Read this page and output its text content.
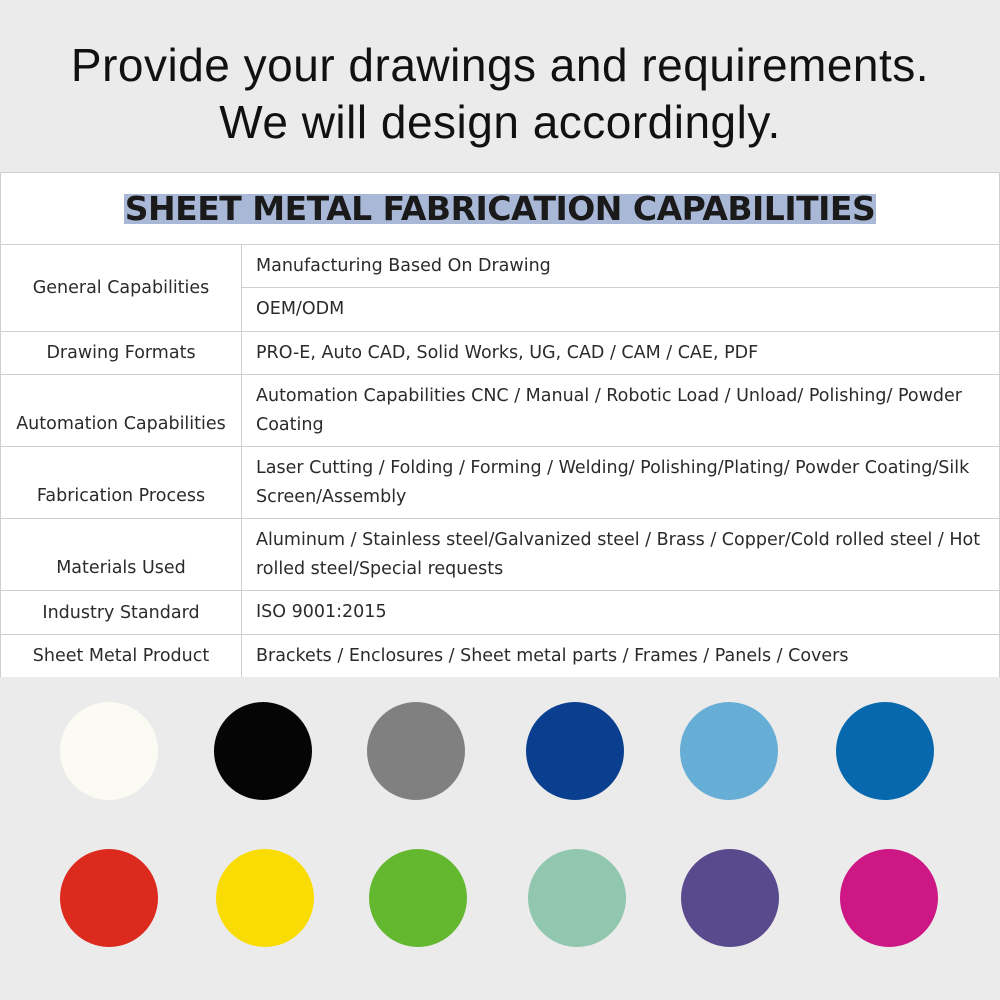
Provide your drawings and requirements.
We will design accordingly.
SHEET METAL FABRICATION CAPABILITIES
General Capabilities	Manufacturing Based On Drawing
	OEM/ODM
Drawing Formats	PRO-E, Auto CAD, Solid Works, UG, CAD / CAM / CAE, PDF
Automation Capabilities	Automation Capabilities CNC / Manual / Robotic Load / Unload/ Polishing/ Powder Coating
Fabrication Process	Laser Cutting / Folding / Forming / Welding/ Polishing/Plating/ Powder Coating/Silk Screen/Assembly
Materials Used	Aluminum / Stainless steel/Galvanized steel / Brass / Copper/Cold rolled steel / Hot rolled steel/Special requests
Industry Standard	ISO 9001:2015
Sheet Metal Product	Brackets / Enclosures / Sheet metal parts / Frames / Panels / Covers
